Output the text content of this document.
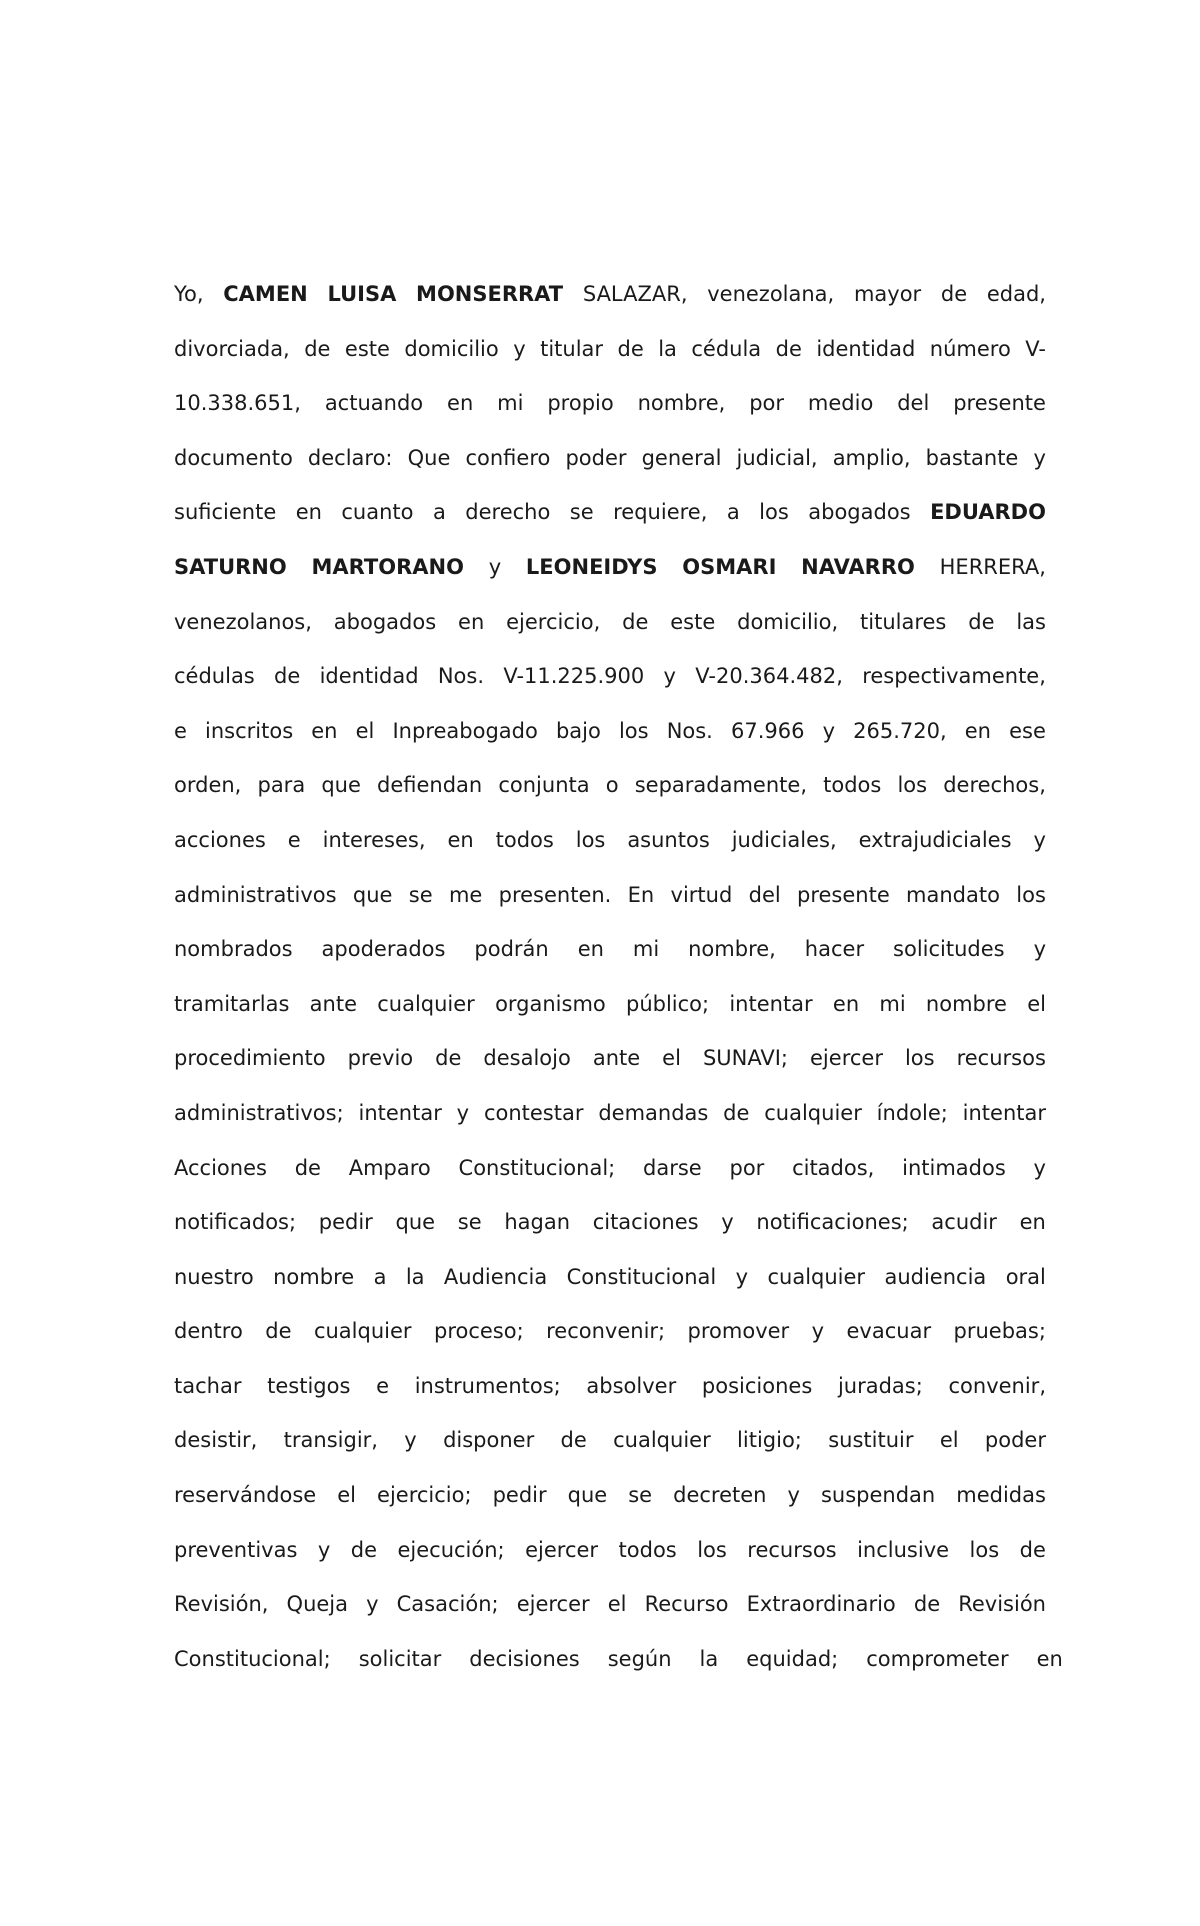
Yo, CAMEN LUISA MONSERRAT SALAZAR, venezolana, mayor de edad,
divorciada, de este domicilio y titular de la cédula de identidad número V-
10.338.651, actuando en mi propio nombre, por medio del presente
documento declaro: Que confiero poder general judicial, amplio, bastante y
suficiente en cuanto a derecho se requiere, a los abogados EDUARDO
SATURNO MARTORANO y LEONEIDYS OSMARI NAVARRO HERRERA,
venezolanos, abogados en ejercicio, de este domicilio, titulares de las
cédulas de identidad Nos. V-11.225.900 y V-20.364.482, respectivamente,
e inscritos en el Inpreabogado bajo los Nos. 67.966 y 265.720, en ese
orden, para que defiendan conjunta o separadamente, todos los derechos,
acciones e intereses, en todos los asuntos judiciales, extrajudiciales y
administrativos que se me presenten. En virtud del presente mandato los
nombrados apoderados podrán en mi nombre, hacer solicitudes y
tramitarlas ante cualquier organismo público; intentar en mi nombre el
procedimiento previo de desalojo ante el SUNAVI; ejercer los recursos
administrativos; intentar y contestar demandas de cualquier índole; intentar
Acciones de Amparo Constitucional; darse por citados, intimados y
notificados; pedir que se hagan citaciones y notificaciones; acudir en
nuestro nombre a la Audiencia Constitucional y cualquier audiencia oral
dentro de cualquier proceso; reconvenir; promover y evacuar pruebas;
tachar testigos e instrumentos; absolver posiciones juradas; convenir,
desistir, transigir, y disponer de cualquier litigio; sustituir el poder
reservándose el ejercicio; pedir que se decreten y suspendan medidas
preventivas y de ejecución; ejercer todos los recursos inclusive los de
Revisión, Queja y Casación; ejercer el Recurso Extraordinario de Revisión
Constitucional; solicitar decisiones según la equidad; comprometer en
